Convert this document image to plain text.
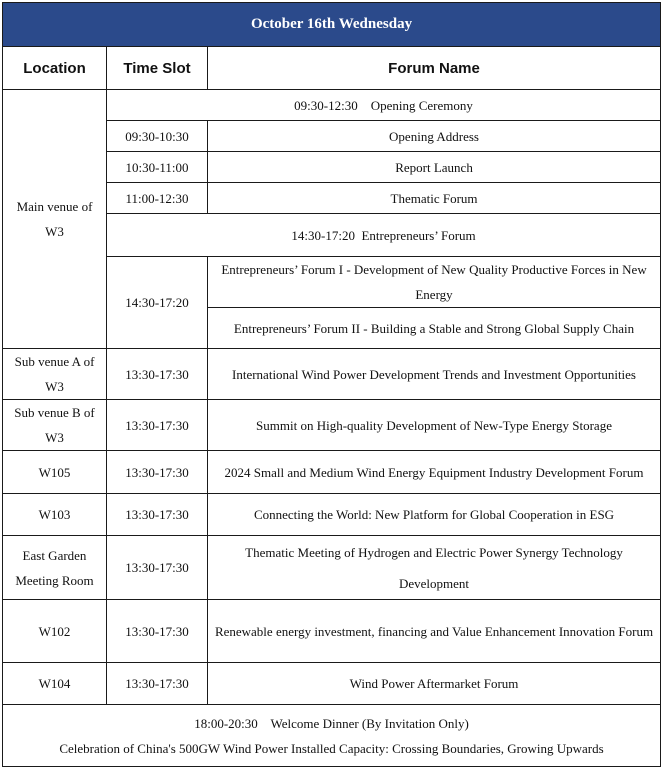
October 16th Wednesday		
Location	Time Slot	Forum Name
Main venue of W3	09:30-12:30    Opening Ceremony	
	09:30-10:30	Opening Address
	10:30-11:00	Report Launch
	11:00-12:30	Thematic Forum
	14:30-17:20  Entrepreneurs’ Forum	
	14:30-17:20	Entrepreneurs’ Forum I - Development of New Quality Productive Forces in New Energy
		Entrepreneurs’ Forum II - Building a Stable and Strong Global Supply Chain
Sub venue A of W3	13:30-17:30	International Wind Power Development Trends and Investment Opportunities
Sub venue B of W3	13:30-17:30	Summit on High-quality Development of New-Type Energy Storage
W105	13:30-17:30	2024 Small and Medium Wind Energy Equipment Industry Development Forum
W103	13:30-17:30	Connecting the World: New Platform for Global Cooperation in ESG
East Garden Meeting Room	13:30-17:30	Thematic Meeting of Hydrogen and Electric Power Synergy Technology Development
W102	13:30-17:30	Renewable energy investment, financing and Value Enhancement Innovation Forum
W104	13:30-17:30	Wind Power Aftermarket Forum

18:00-20:30    Welcome Dinner (By Invitation Only)
Celebration of China's 500GW Wind Power Installed Capacity: Crossing Boundaries, Growing Upwards		
